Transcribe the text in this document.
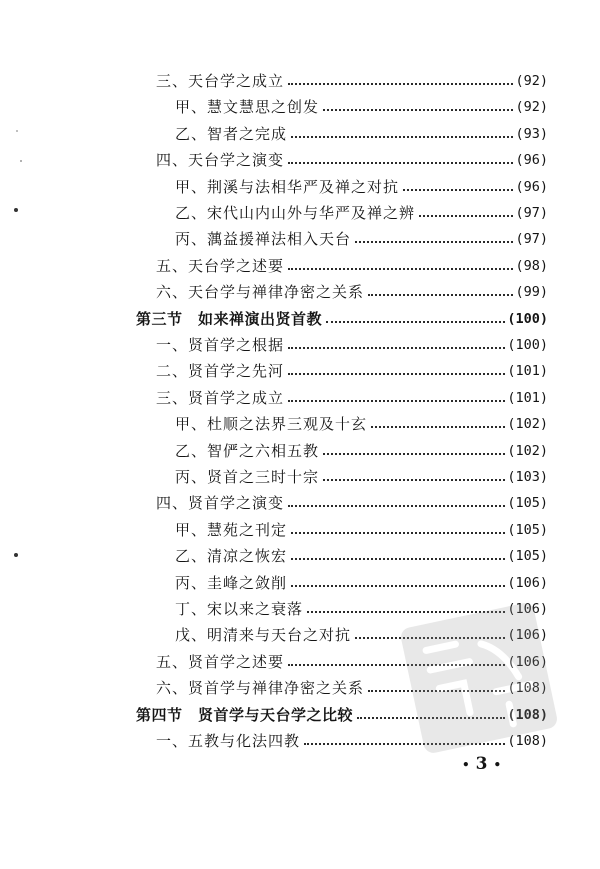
三、天台学之成立	(92)
甲、慧文慧思之创发	(92)
乙、智者之完成	(93)
四、天台学之演变	(96)
甲、荆溪与法相华严及禅之对抗	(96)
乙、宋代山内山外与华严及禅之辨	(97)
丙、蕅益援禅法相入天台	(97)
五、天台学之述要	(98)
六、天台学与禅律净密之关系	(99)
第三节　如来禅演出贤首教	(100)
一、贤首学之根据	(100)
二、贤首学之先河	(101)
三、贤首学之成立	(101)
甲、杜顺之法界三观及十玄	(102)
乙、智俨之六相五教	(102)
丙、贤首之三时十宗	(103)
四、贤首学之演变	(105)
甲、慧苑之刊定	(105)
乙、清凉之恢宏	(105)
丙、圭峰之敛削	(106)
丁、宋以来之衰落	(106)
戊、明清来与天台之对抗	(106)
五、贤首学之述要	(106)
六、贤首学与禅律净密之关系	(108)
第四节　贤首学与天台学之比较	(108)
一、五教与化法四教	(108)
•3•
